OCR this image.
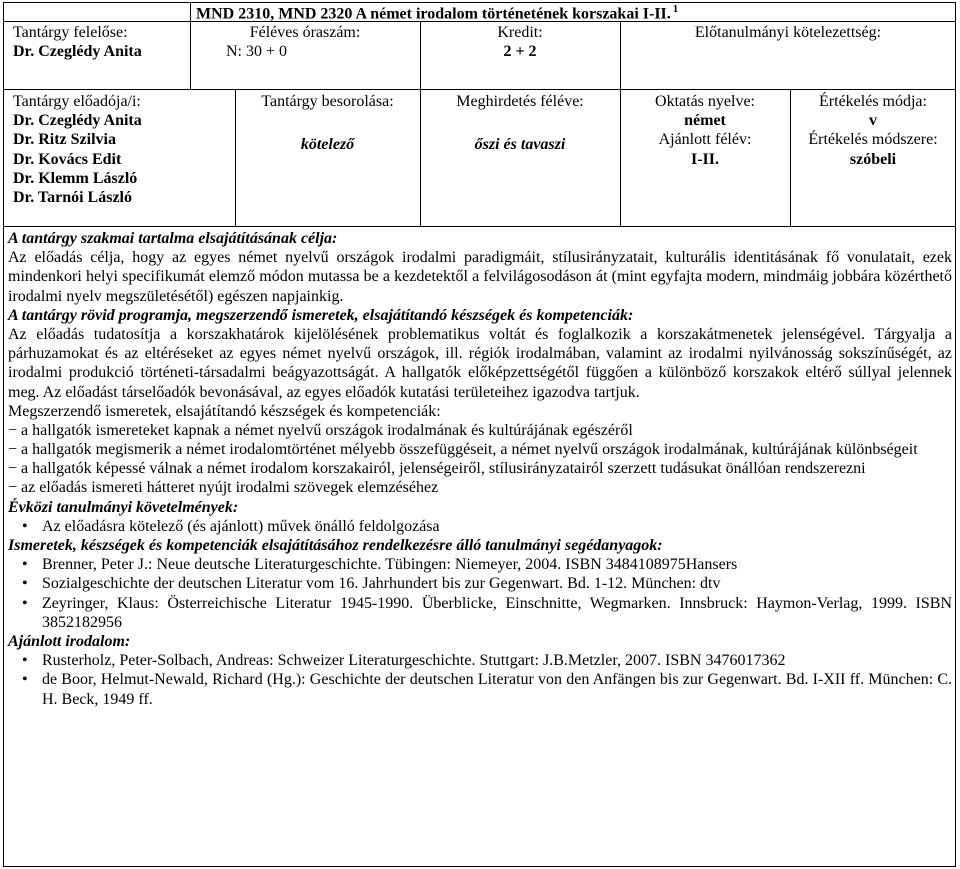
MND 2310, MND 2320 A német irodalom történetének korszakai I-II. $^1$
Tantárgy felelőse:
Dr. Czeglédy Anita
Féléves óraszám:
N: 30 + 0
Kredit:
2 + 2
Előtanulmányi kötelezettség:
Tantárgy előadója/i:
Dr. Czeglédy Anita
Dr. Ritz Szilvia
Dr. Kovács Edit
Dr. Klemm László
Dr. Tarnói László
Tantárgy besorolása:
kötelező
Meghirdetés féléve:
őszi és tavaszi
Oktatás nyelve:
német
Ajánlott félév:
I-II.
Értékelés módja:
v
Értékelés módszere:
szóbeli
A tantárgy szakmai tartalma elsajátításának célja:
Az előadás célja, hogy az egyes német nyelvű országok irodalmi paradigmáit, stílusirányzatait, kulturális identitásának fő vonulatait, ezek mindenkori helyi specifikumát elemző módon mutassa be a kezdetektől a felvilágosodáson át (mint egyfajta modern, mindmáig jobbára közérthető irodalmi nyelv megszületésétől) egészen napjainkig.
A tantárgy rövid programja, megszerzendő ismeretek, elsajátítandó készségek és kompetenciák:
Az előadás tudatosítja a korszakhatárok kijelölésének problematikus voltát és foglalkozik a korszakátmenetek jelenségével. Tárgyalja a párhuzamokat és az eltéréseket az egyes német nyelvű országok, ill. régiók irodalmában, valamint az irodalmi nyilvánosság sokszínűségét, az irodalmi produkció történeti-társadalmi beágyazottságát. A hallgatók előképzettségétől függően a különböző korszakok eltérő súllyal jelennek meg. Az előadást társelőadók bevonásával, az egyes előadók kutatási területeihez igazodva tartjuk.
Megszerzendő ismeretek, elsajátítandó készségek és kompetenciák:
− a hallgatók ismereteket kapnak a német nyelvű országok irodalmának és kultúrájának egészéről
− a hallgatók megismerik a német irodalomtörténet mélyebb összefüggéseit, a német nyelvű országok irodalmának, kultúrájának különbségeit
− a hallgatók képessé válnak a német irodalom korszakairól, jelenségeiről, stílusirányzatairól szerzett tudásukat önállóan rendszerezni
− az előadás ismereti hátteret nyújt irodalmi szövegek elemzéséhez
Évközi tanulmányi követelmények:
• Az előadásra kötelező (és ajánlott) művek önálló feldolgozása
Ismeretek, készségek és kompetenciák elsajátításához rendelkezésre álló tanulmányi segédanyagok:
• Brenner, Peter J.: Neue deutsche Literaturgeschichte. Tübingen: Niemeyer, 2004. ISBN 3484108975Hansers
• Sozialgeschichte der deutschen Literatur vom 16. Jahrhundert bis zur Gegenwart. Bd. 1-12. München: dtv
• Zeyringer, Klaus: Österreichische Literatur 1945-1990. Überblicke, Einschnitte, Wegmarken. Innsbruck: Haymon-Verlag, 1999. ISBN 3852182956
Ajánlott irodalom:
• Rusterholz, Peter-Solbach, Andreas: Schweizer Literaturgeschichte. Stuttgart: J.B.Metzler, 2007. ISBN 3476017362
• de Boor, Helmut-Newald, Richard (Hg.): Geschichte der deutschen Literatur von den Anfängen bis zur Gegenwart. Bd. I-XII ff. München: C. H. Beck, 1949 ff.
